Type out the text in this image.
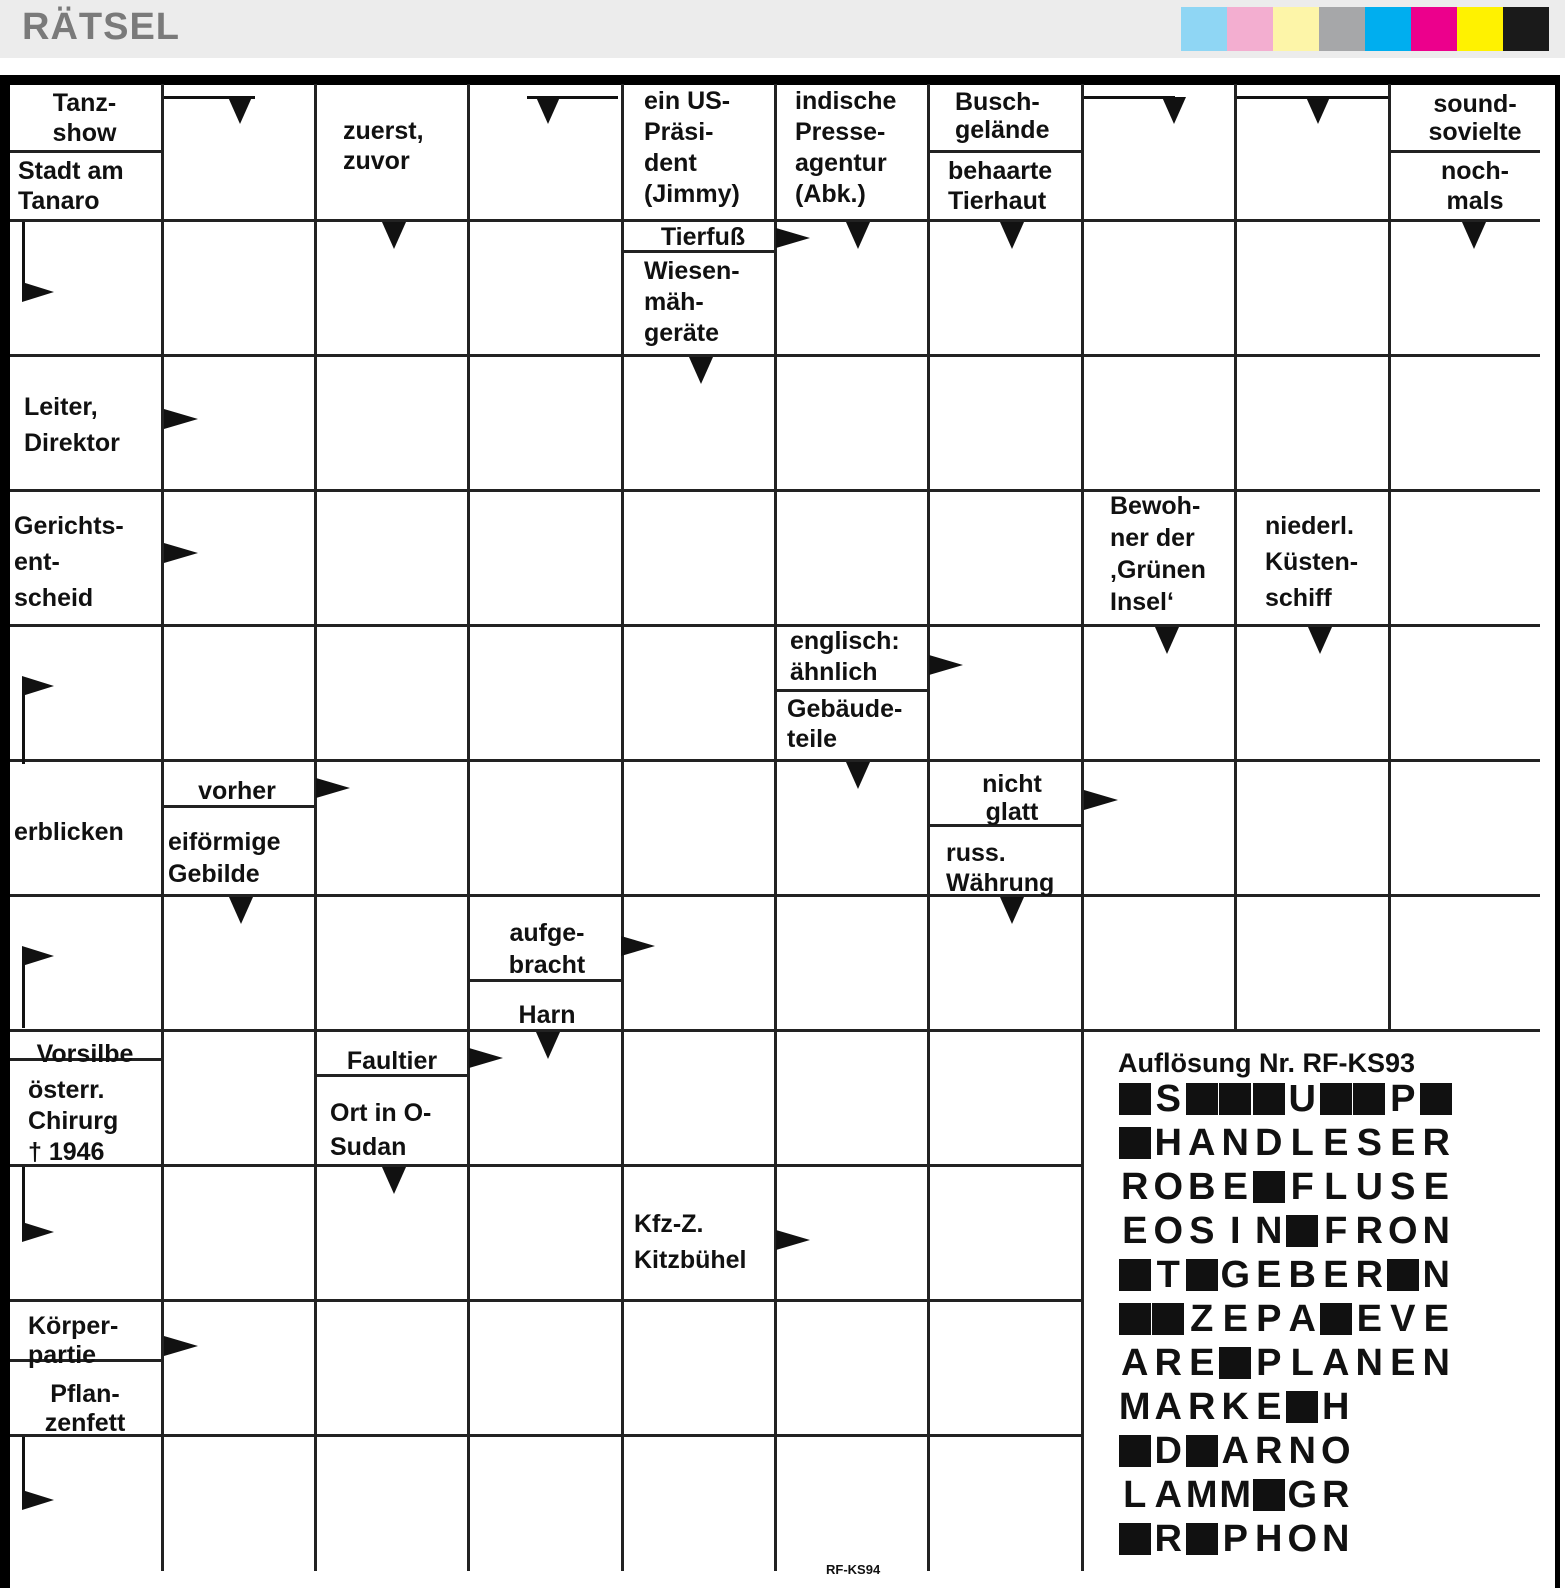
RÄTSEL
Tanz-
show
Stadt am
Tanaro
zuerst,
zuvor
ein US-
Präsi-
dent
(Jimmy)
indische
Presse-
agentur
(Abk.)
Busch-
gelände
behaarte
Tierhaut
sound-
sovielte
noch-
mals
Tierfuß
Wiesen-
mäh-
geräte
Leiter,
Direktor
Gerichts-
ent-
scheid
Bewoh-
ner der
‚Grünen
Insel‘
niederl.
Küsten-
schiff
englisch:
ähnlich
Gebäude-
teile
erblicken
vorher
eiförmige
Gebilde
nicht
glatt
russ.
Währung
aufge-
bracht
Harn
Vorsilbe
österr.
Chirurg
† 1946
Faultier
Ort in O-
Sudan
Kfz-Z.
Kitzbühel
Körper-
partie
Pflan-
zenfett
Auflösung Nr. RF-KS93
S	U P
H A N D L E S E R
R O B E F L U S E
E O S I N F R O N
T G E B E R N
Z E P A E V E
A R E P L A N E N
M A R K E H
D A R N O
L A M M G R
R P H O N
RF-KS94
